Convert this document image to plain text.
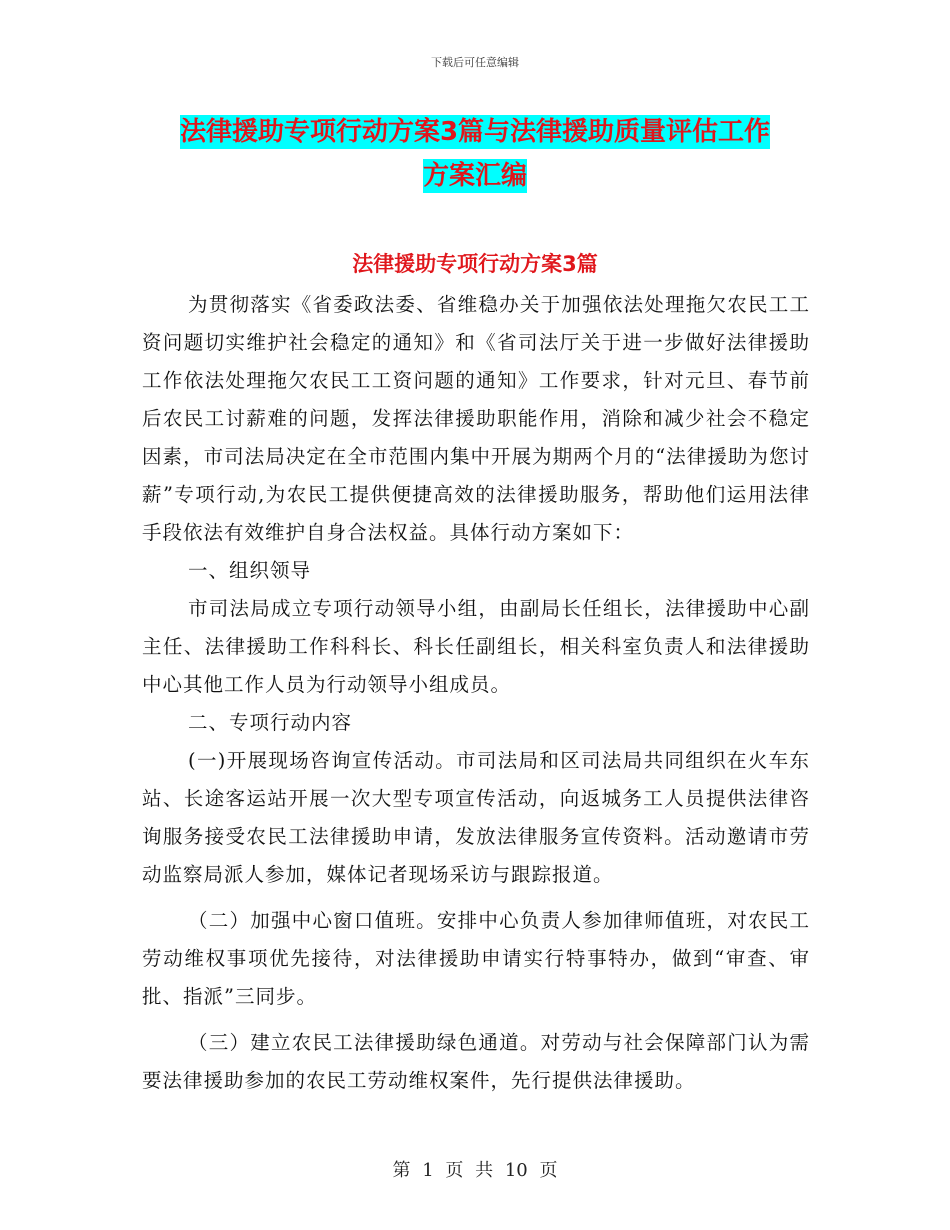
下载后可任意编辑
法律援助专项行动方案3篇与法律援助质量评估工作
方案汇编
法律援助专项行动方案3篇

为贯彻落实《省委政法委、省维稳办关于加强依法处理拖欠农民工工资问题切实维护社会稳定的通知》和《省司法厅关于进一步做好法律援助工作依法处理拖欠农民工工资问题的通知》工作要求，针对元旦、春节前后农民工讨薪难的问题，发挥法律援助职能作用，消除和减少社会不稳定因素，市司法局决定在全市范围内集中开展为期两个月的“法律援助为您讨薪”专项行动,为农民工提供便捷高效的法律援助服务，帮助他们运用法律手段依法有效维护自身合法权益。具体行动方案如下：

一、组织领导

市司法局成立专项行动领导小组，由副局长任组长，法律援助中心副主任、法律援助工作科科长、科长任副组长，相关科室负责人和法律援助中心其他工作人员为行动领导小组成员。

二、专项行动内容

(一)开展现场咨询宣传活动。市司法局和区司法局共同组织在火车东站、长途客运站开展一次大型专项宣传活动，向返城务工人员提供法律咨询服务接受农民工法律援助申请，发放法律服务宣传资料。活动邀请市劳动监察局派人参加，媒体记者现场采访与跟踪报道。

（二）加强中心窗口值班。安排中心负责人参加律师值班，对农民工劳动维权事项优先接待，对法律援助申请实行特事特办，做到“审查、审批、指派”三同步。

（三）建立农民工法律援助绿色通道。对劳动与社会保障部门认为需要法律援助参加的农民工劳动维权案件，先行提供法律援助。

第 1 页 共 10 页
